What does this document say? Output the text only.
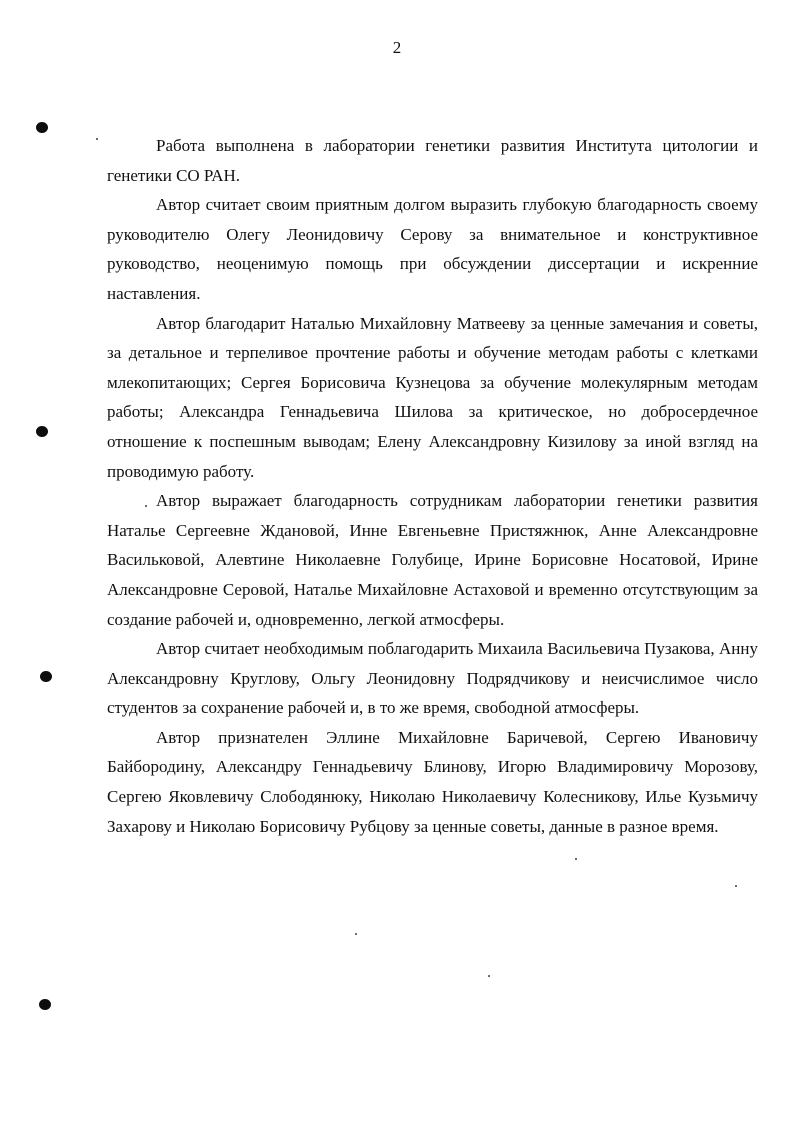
2

Работа выполнена в лаборатории генетики развития Института цитологии и генетики СО РАН.

Автор считает своим приятным долгом выразить глубокую благодарность своему руководителю Олегу Леонидовичу Серову за внимательное и конструктивное руководство, неоценимую помощь при обсуждении диссертации и искренние наставления.

Автор благодарит Наталью Михайловну Матвееву за ценные замечания и советы, за детальное и терпеливое прочтение работы и обучение методам работы с клетками млекопитающих; Сергея Борисовича Кузнецова за обучение молекулярным методам работы; Александра Геннадьевича Шилова за критическое, но добросердечное отношение к поспешным выводам; Елену Александровну Кизилову за иной взгляд на проводимую работу.

Автор выражает благодарность сотрудникам лаборатории генетики развития Наталье Сергеевне Ждановой, Инне Евгеньевне Пристяжнюк, Анне Александровне Васильковой, Алевтине Николаевне Голубице, Ирине Борисовне Носатовой, Ирине Александровне Серовой, Наталье Михайловне Астаховой и временно отсутствующим за создание рабочей и, одновременно, легкой атмосферы.

Автор считает необходимым поблагодарить Михаила Васильевича Пузакова, Анну Александровну Круглову, Ольгу Леонидовну Подрядчикову и неисчислимое число студентов за сохранение рабочей и, в то же время, свободной атмосферы.

Автор признателен Эллине Михайловне Баричевой, Сергею Ивановичу Байбородину, Александру Геннадьевичу Блинову, Игорю Владимировичу Морозову, Сергею Яковлевичу Слободянюку, Николаю Николаевичу Колесникову, Илье Кузьмичу Захарову и Николаю Борисовичу Рубцову за ценные советы, данные в разное время.
